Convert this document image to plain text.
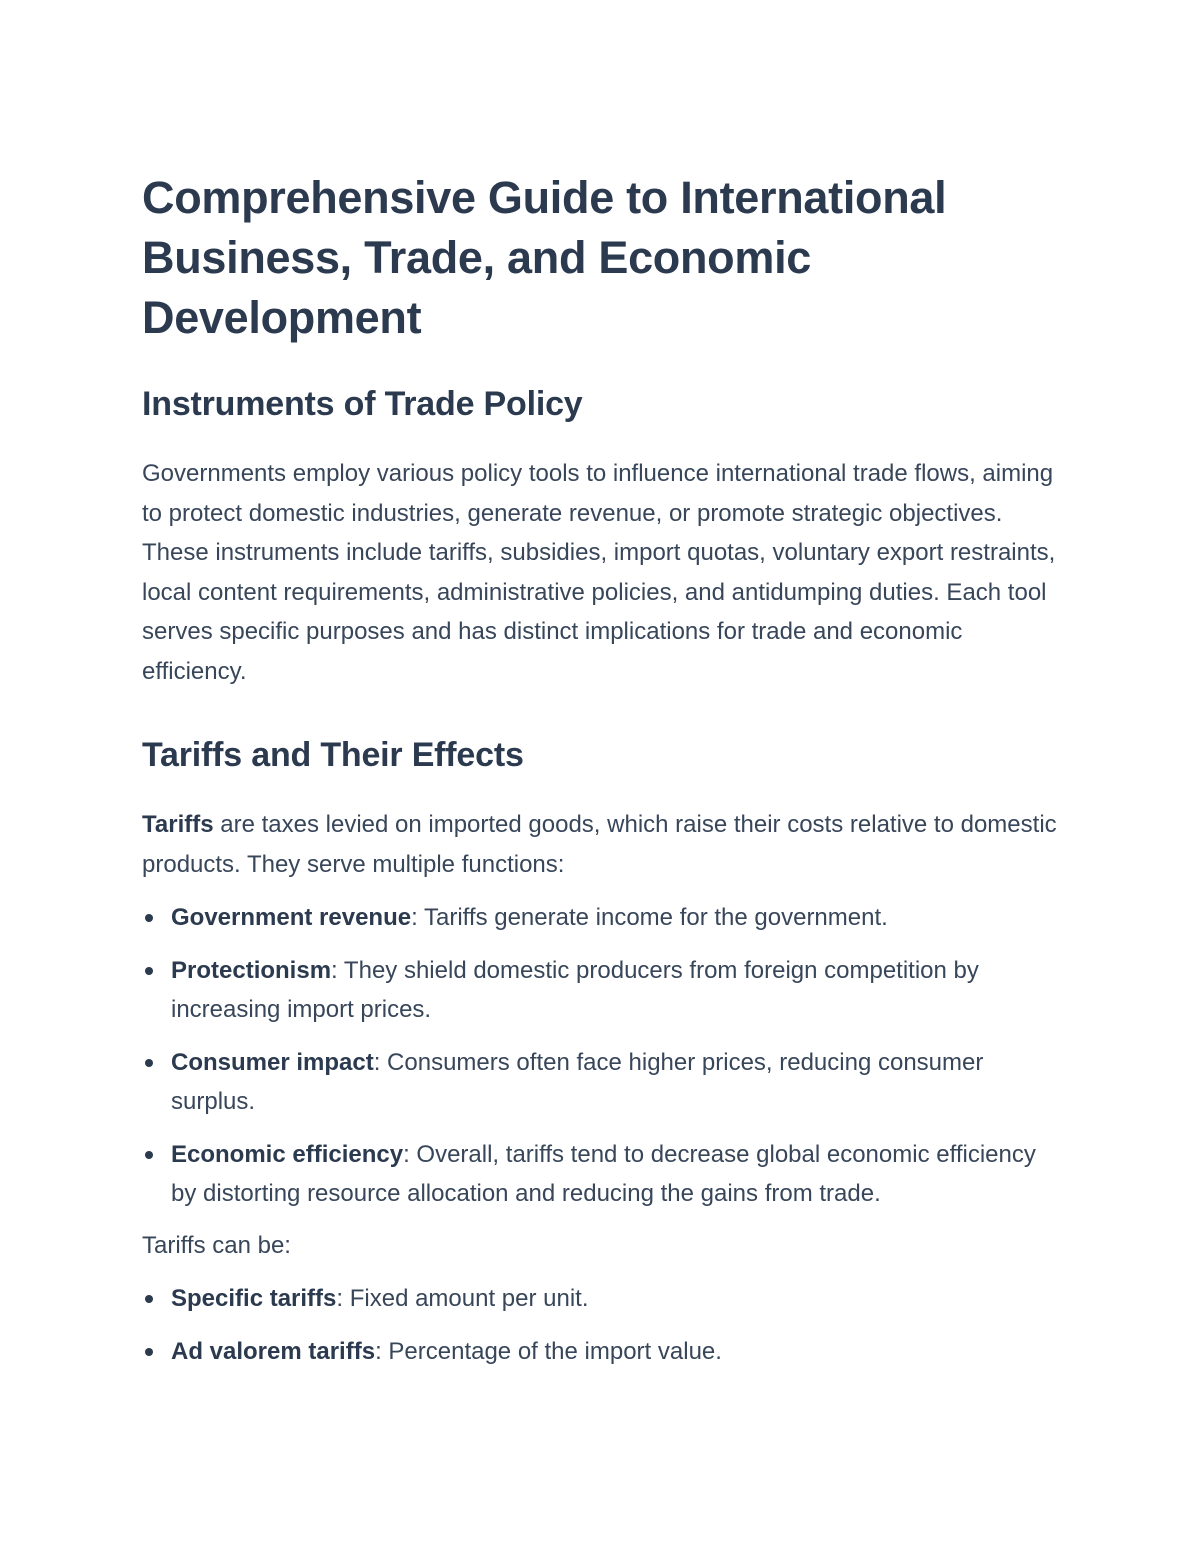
Comprehensive Guide to International Business, Trade, and Economic Development
Instruments of Trade Policy

Governments employ various policy tools to influence international trade flows, aiming to protect domestic industries, generate revenue, or promote strategic objectives. These instruments include tariffs, subsidies, import quotas, voluntary export restraints, local content requirements, administrative policies, and antidumping duties. Each tool serves specific purposes and has distinct implications for trade and economic efficiency.

Tariffs and Their Effects

Tariffs are taxes levied on imported goods, which raise their costs relative to domestic products. They serve multiple functions:

Government revenue: Tariffs generate income for the government.
Protectionism: They shield domestic producers from foreign competition by increasing import prices.
Consumer impact: Consumers often face higher prices, reducing consumer surplus.
Economic efficiency: Overall, tariffs tend to decrease global economic efficiency by distorting resource allocation and reducing the gains from trade.

Tariffs can be:

Specific tariffs: Fixed amount per unit.
Ad valorem tariffs: Percentage of the import value.
